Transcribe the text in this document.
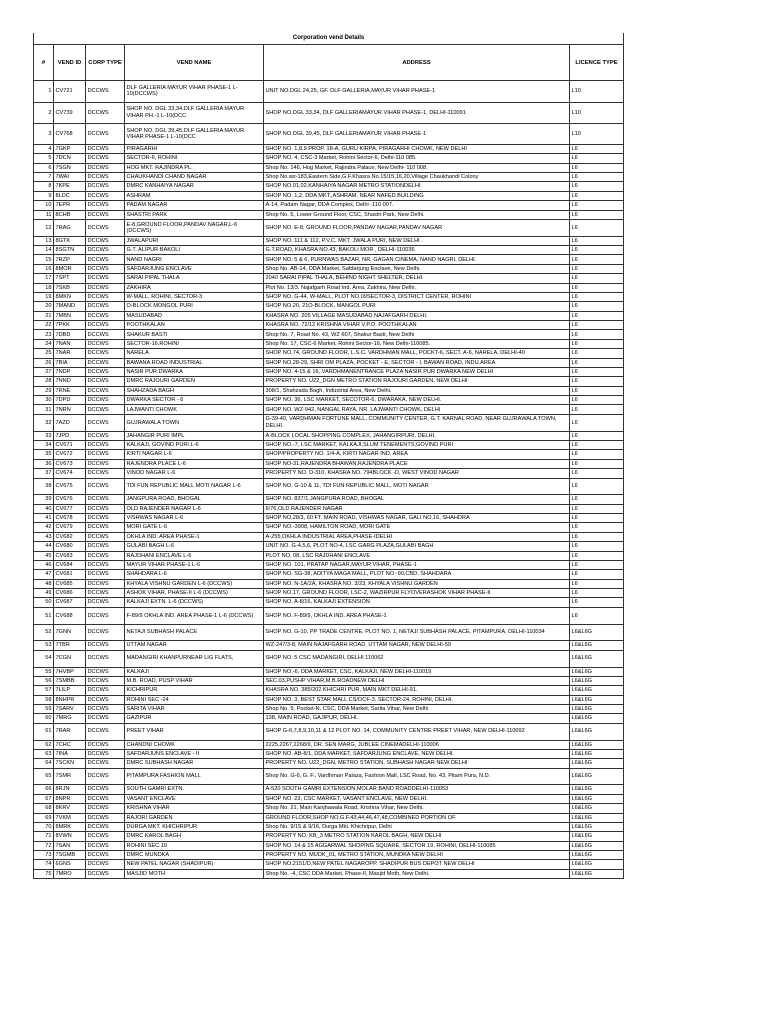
Corporation vend Details					
#	VEND ID	CORP TYPE	VEND NAME	ADDRESS	LICENCE TYPE
1	CV721	DCCWS	DLF GALLERIA MAYUR VIHAR PHASE-1 L-10(DCCWS)	UNIT NO.DGL 24,25, GF. DLF GALLERIA,MAYUR VIHAR PHASE-1	L10
2	CV739	DCCWS	SHOP NO. DGL 33,34,DLF GALLERIA MAYUR VIHAR PH.-1 L-10(DCC	SHOP NO.DGL 33,34, DLF GALLERIAMAYUR VIHAR PHASE-1, DELHI-110091	L10
3	CV768	DCCWS	SHOP NO. DGL 39,45,DLF GALLERIA MAYUR VIHAR PHASE-1 L-10(DCC	SHOP NO.DGL 39,45, DLF GALLERIAMAYUR VIHAR PHASE-1	L10
4	7GKP	DCCWS	PIRAGARHI	SHOP NO. 1,8,9 PROP. 18-A, GURU KIRPA, PIRAGARHI CHOWK, NEW DELHI	L6
5	7DCN	DCCWS	SECTOR-6, ROHINI	SHOP NO. 4, CSC-3 Market, Rohini Sector-6, Delhi-110 085.	L6
6	7SGN	DCCWS	HOG MKT. RAJINDRA PL.	Shop No. 146, Hog Market, Rajindra Palace, New Delhi- 110 008.	L6
7	7WAI	DCCWS	CHAUKHANDI CHAND NAGAR	Shop No.wz-183,Eastern Side,G.F.Khasra No.15/15,16,20,Village Chaukhandi Colony	L6
8	7KPE	DCCWS	DMRC KANHAIYA NAGAR	SHOP NO.01,02,KANHAIYA NAGAR METRO STATIONDELHI	L6
9	8LDC	DCCWS	ASHRAM	SHOP NO. 1,2, DDA MKT.,ASHRAM, NEAR NAFED BUILDING	L6
10	7EPR	DCCWS	PADAM NAGAR	A-14, Padam Nagar, DDA Complex, Delhi -110 007.	L6
11	8CHB	DCCWS	SHASTRI PARK	Shop No. 5, Lower Ground Floor, CSC, Shastri Park, New Delhi.	L6
12	7RAG	DCCWS	E-8,GROUND FLOOR,PANDAV NAGAR,L-6 (DCCWS)	SHOP NO. E-8, GROUND FLOOR,PANDAV NAGAR,PANDAV NAGAR	L6
13	8GTK	DCCWS	JWALAPURI	SHOP NO. 111 & 112, P.V.C. MKT. JWALA PURI, NEW DELHI .	L6
14	8SGTN	DCCWS	G.T. ALIPUR BAKOLI	G.T.ROAD, KHASRA NO.43, BAKOLI MOR , DELHI-110036	L6
15	7RZP	DCCWS	NAND NAGRI	SHOP NO. 5 & 6, PURNWAS BAZAR, NR. GAGAN CINEMA, NAND NAGRI, DELHI.	L6
16	8MOR	DCCWS	SAFDARJUNG ENCLAVE	Shop No. AB-14, DDA Market, Safdarjung Enclave, New Delhi.	L6
17	7SPT	DCCWS	SARAI PIPAL THALA	204/I SARAI PIPAL THALA, BEHIND NIGHT SHELTER, DELHI.	L6
18	7SKB	DCCWS	ZAKHIRA	Plot No. 13/3, Najafgarh Road Ind. Area, Zakhira, New Delhi.	L6
19	8MKN	DCCWS	W-MALL, ROHINI, SECTOR-3	SHOP NO. G-44, W-MALL, PLOT NO.09SECTOR-3, DISTRICT CENTER, ROHINI	L6
20	7MAND	DCCWS	O-BLOCK MONGOL PURI	SHOP NO.20, 21O-BLOCK, MANGOL PURI	L6
21	7MBN	DCCWS	MASUDABAD	KHASRA NO. 205 VILLAGE MASUDABAD NAJAFGARH DELHI.	L6
22	7PKK	DCCWS	POOTHKALAN	KHASRA NO. 72/12 KRISHNA VIHAR V.P.O. POOTHKALAN	L6
23	7DBD	DCCWS	SHAKUR BASTI	Shop No. 7, Road No. 43, WZ 607, Shakur Basti, New Delhi	L6
24	7NAN	DCCWS	SECTOR-16,ROHINI	Shop No. 17, CSC-6 Market, Rohini Sector-16, New Delhi-110085.	L6
25	7NAR	DCCWS	NARELA	SHOP NO.74, GROUND FLOOR, L.S.C. VARDHMAN MALL, POCKT-6, SECT. A-6, NARELA, DELHI-40	L6
26	7BIA	DCCWS	BAWANA ROAD INDUSTRIAL	SHOP NO.28-29, SHRI OM PLAZA, POCKET - E, SECTOR - I, BAWAN ROAD, INDU.AREA	L6
27	7NDP	DCCWS	NASIR PUR DWARKA	SHOP NO. 4-15 & 16, VARDHMANENTRANCE PLAZA NASIR PUR DWARKA NEW DELHI	L6
28	7NND	DCCWS	DMRC RAJOURI GARDEN	PROPERTY NO. U22_DGN METRO STATION RAJOURI GARDEN, NEW DELHI	L6
29	7RNE	DCCWS	SHAHZADA BAGH	308/1, Shahzada Bagh, Industrial Area, New Delhi.	L6
30	7DPD	DCCWS	DWARKA SECTOR - 6	SHOP NO. 36, LSC MARKET, SECOTOR-6, DWARAKA, NEW DELHI.	L6
31	7NRN	DCCWS	LAJWANTI CHOWK	SHOP NO. WZ-942, NANGAL RAYA, NR. LAJWANTI CHOWK, DELHI	L6
32	7AZD	DCCWS	GUJRAWALA TOWN	G-39-40, VARDHMAN FORTUNE MALL, COMMUNITY CENTER, G.T. KARNAL ROAD, NEAR GUJRAWALA TOWN, DELHI.	L6
33	7JPD	DCCWS	JAHANGIR PURI IMPL	A-BLOCK LOCAL SHOPPING COMPLEX, JAHANGIRPURI, DELHI.	L6
34	CV671	DCCWS	KALKAJI, GOVIND PURI L-6	SHOP NO.-7, LSC MARKET, KALKAJI,SLUM TENEMENTS,GOVIND PURI	L6
35	CV672	DCCWS	KIRTI NAGAR L-6	SHOP/PROPERTY NO. 1/4-A, KIRTI NAGAR IND. AREA	L6
36	CV673	DCCWS	RAJENDRA PLACE L-6	SHOP NO-31,RAJENDRA BHAWAN,RAJENDRA PLACE	L6
37	CV674	DCCWS	VINOD NAGAR L-6	PROPERTY NO. D-310, KHASRA NO. 794BLOCK -D, WEST VINOD NAGAR	L6
38	CV675	DCCWS	TDI FUN REPUBLIC MALL MOTI NAGAR L-6	SHOP NO. G-10 & 11, TDI FUN REPUBLIC MALL, MOTI NAGAR	L6
39	CV676	DCCWS	JANGPURA ROAD, BHOGAL	SHOP NO. 837/1,JANGPURA ROAD, BHOGAL	L6
40	CV677	DCCWS	OLD RAJENDER NAGAR L-6	6/76,OLD RAJENDER NAGAR	L6
41	CV678	DCCWS	VISHWAS NAGAR L-6	SHOP NO.28/3, 60 FT. MAIN ROAD, VISHWAS NAGAR, GALI NO.16, SHAHDRA	L6
42	CV679	DCCWS	MORI GATE L-6	SHOP NO.-3908, HAMILTON ROAD, MORI GATE	L6
43	CV682	DCCWS	OKHLA IND. AREA PHASE-1	A-255,OKHLA INDUSTRIAL AREA,PHASE-IDELHI	L6
44	CV680	DCCWS	GULABI BAGH L-6	UNIT NO. G-4,5,6, PLOT NO-4, LSC GARG PLAZA,GULABI BAGH	L6
45	CV683	DCCWS	RAJDHANI ENCLAVE L-6	PLOT NO. 08, LSC RAJDHANI ENCLAVE	L6
46	CV684	DCCWS	MAYUR VIHAR PHASE-1 L-6	SHOP NO. 101, PRATAP NAGAR,MAYUR VIHAR, PHASE-1	L6
47	CV681	DCCWS	SHAHDARA L-6	SHOP NO. SG-38, ADITYA MAGA MALL, PLOT NO:-90,CBD, SHAHDARA	L6
48	CV685	DCCWS	KHYALA VISHNU GARDEN L-6 (DCCWS)	SHOP NO. N-1A/2A, KHASRA NO. 3/23, KHYALA VISHNU GARDEN	L6
49	CV686	DCCWS	ASHOK VIHAR, PHASE-II L-6 (DCCWS)	SHOP NO.17, GROUND FLOOR, LSC-2, WAZIRPUR FLYOVERASHOK VIHAR PHASE-II	L6
50	CV687	DCCWS	KALKAJI EXTN. L-6 (DCCWS)	SHOP NO. A-8/16, KALKAJI EXTENSION	L6
51	CV688	DCCWS	F-89/9 OKHLA IND. AREA PHASE-1 L-6 (DCCWS)	SHOP NO. F-89/9, OKHLA IND. AREA PHASE-1	L6
52	7GNN	DCCWS	NETAJI SUBHASH PALACE	SHOP NO. G-10, PP TRADE CENTRE, PLOT NO. 1, NETAJI SUBHASH PALACE, PITAMPURA, DELHI-110034	L6&L6G
53	7TBR	DCCWS	UTTAM NAGAR	WZ-247/3-8, MAIN NAJAFGARH ROAD, UTTAM NAGAR, NEW DELHI-59	L6&L6G
54	7CGN	DCCWS	MADANGIRI KHANPURNEAR LIG FLATS,	SHOP NO. 5 CSC MADANGIRI, DELHI 110062	L6&L6G
55	7HVBP	DCCWS	KALKAJI	SHOP NO.-6, DDA MARKET, CSC, KALKAJI, NEW DELHI-110019	L6&L6G
56	7SMBB	DCCWS	M.B. ROAD, PUSP VIHAR	SEC.03,PUSHP VIHAR,M.B.ROADNEW DELHI	L6&L6G
57	7LILP	DCCWS	KICHRIPUR	KHASRA NO. 385/202 KHICHRI PUR, MAIN MKT DELHI-91.	L6&L6G
58	8NHPR	DCCWS	ROHINI SEC -24	SHOP NO. 3, BEST STAR MALL CS/OCF-3, SECTOR-24, ROHINI, DELHI.	L6&L6G
59	7SARV	DCCWS	SARITA VIHAR	Shop No. 9, Pocket-N, CSC, DDA Market, Sarita Vihar, New Delhi	L6&L6G
60	7MRG	DCCWS	GAZIPUR	138, MAIN ROAD, GAJIPUR, DELHI.	L6&L6G
61	7RAR	DCCWS	PREET VIHAR	SHOP G-6,7,8,9,10,11 & 12 PLOT NO. 14, COMMUNITY CENTRE PREET VIHAR, NEW DELHI-110092	L6&L6G
62	7CHC	DCCWS	CHANDNI CHOWK	2225,2267,2268/9, DR. SEN MARG, JUBLEE CINEMADELHI-110006	L6&L6G
63	7INA	DCCWS	SAFDARJUNS ENCLAVE - II	SHOP NO. AB-8/1, DDA MARKET, SAFDARJUNG ENCLAVE, NEW DELHI.	L6&L6G
64	7SCKN	DCCWS	DMRC SUBHASH NAGAR	PROPERTY NO. U22_DGN, METRO STATION, SUBHASH NAGAR NEW DELHI	L6&L6G
65	7SMR	DCCWS	PITAMPURA FASHION MALL	Shop No. G-6, G. F., Vardhman Palaza, Fashion Mall, LSC Road, No. 43, Pitam Pura, N.D.	L6&L6G
66	8RJN	DCCWS	SOUTH GAMRI EXTN.	A-520 SOUTH GAMRI EXTENSION,MOLAR BAND ROADDELHI-110053	L6&L6G
67	8NPR	DCCWS	VASANT ENCLAVE	SHOP NO. 23, CSC MARKET, VASANT ENCLAVE, NEW DELHI.	L6&L6G
68	8KRV	DCCWS	KRISHNA VIHAR	Shop No. 21, Main Kanjhawala Road, Krishna Vihar, New Delhi.	L6&L6G
69	7VKM	DCCWS	RAJORI GARDEN	GROUND FLOOR,SHOP NO.G.F.43,44,46,47,48,COMBINED PORTION OF	L6&L6G
70	8MRK	DCCWS	DURGA MKT. KHICHRIPUR	Shop No. 9/15 & 9/16, Durga Mkt. Khichripur, Delhi	L6&L6G
71	8VWN	DCCWS	DMRC KAROL BAGH	PROPERTY NO. KB_3 METRO STATION KAROL BAGH, NEW DELHI	L6&L6G
72	7SAN	DCCWS	ROHINI SEC.19	SHOP NO. 14 & 15 AGGARWAL SHOPING SQUARE, SECTOR 19, ROHINI, DELHI-110085	L6&L6G
73	7SGMB	DCCWS	DMRC MUNDKA	PROPERTY NO. MUDK_01, METRO STATION, MUNDKA NEW DELHI	L6&L6G
74	6GNS	DCCWS	NEW PATEL NAGAR (SHADIPUR)	SHOP NO.2151/D,NEW PATEL NAGAROPP. SHADIPUR BUS DEPOT NEW DELHI	L6&L6G
75	7MRO	DCCWS	MASJID MOTH	Shop No. -4, CSC DDA Market, Phase-II, Masjid Moth, New Delhi.	L6&L6G
